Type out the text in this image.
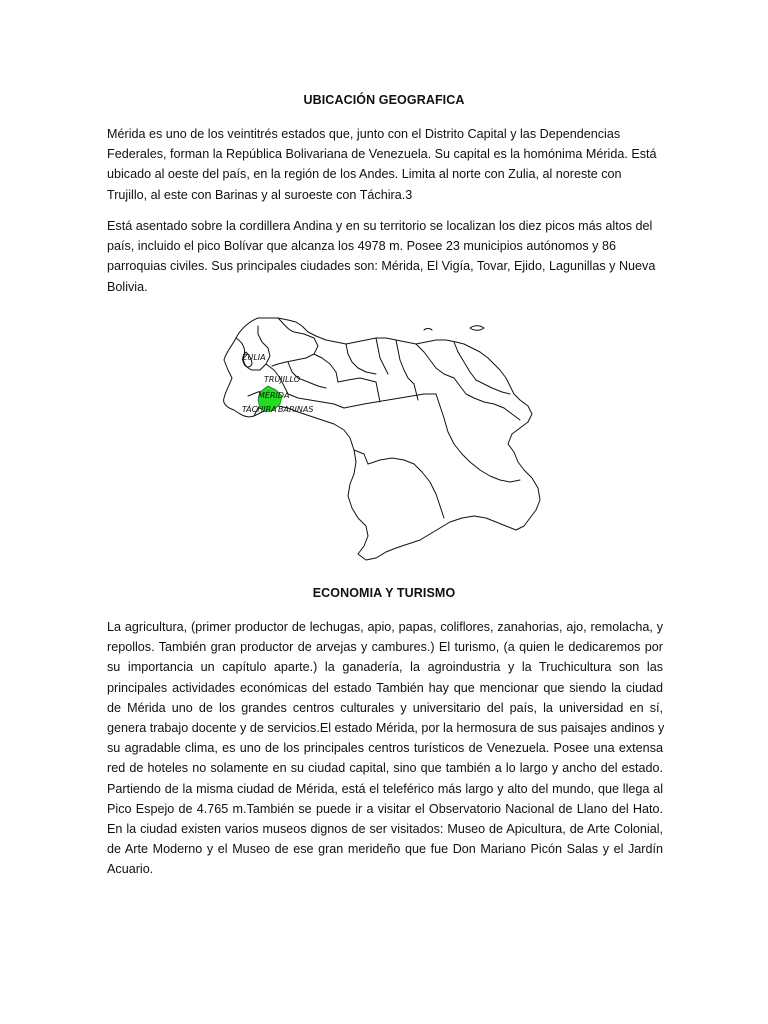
UBICACIÓN GEOGRAFICA
Mérida es uno de los veintitrés estados que, junto con el Distrito Capital y las Dependencias
Federales, forman la República Bolivariana de Venezuela. Su capital es la homónima Mérida. Está
ubicado al oeste del país, en la región de los Andes. Limita al norte con Zulia, al noreste con
Trujillo, al este con Barinas y al suroeste con Táchira.3
Está asentado sobre la cordillera Andina y en su territorio se localizan los diez picos más altos del
país, incluido el pico Bolívar que alcanza los 4978 m. Posee 23 municipios autónomos y 86
parroquias civiles. Sus principales ciudades son: Mérida, El Vigía, Tovar, Ejido, Lagunillas y Nueva
Bolivia.
ZULIA
TRUJILLO
MÉRIDA
TÁCHIRA BARINAS
ECONOMIA Y TURISMO
La agricultura, (primer productor de lechugas, apio, papas, coliflores, zanahorias, ajo, remolacha, y
repollos. También gran productor de arvejas y cambures.) El turismo, (a quien le dedicaremos por
su importancia un capítulo aparte.) la ganadería, la agroindustria y la Truchicultura son las
principales actividades económicas del estado También hay que mencionar que siendo la ciudad
de Mérida uno de los grandes centros culturales y universitario del país, la universidad en sí,
genera trabajo docente y de servicios.El estado Mérida, por la hermosura de sus paisajes andinos y
su agradable clima, es uno de los principales centros turísticos de Venezuela. Posee una extensa
red de hoteles no solamente en su ciudad capital, sino que también a lo largo y ancho del estado.
Partiendo de la misma ciudad de Mérida, está el teleférico más largo y alto del mundo, que llega al
Pico Espejo de 4.765 m.También se puede ir a visitar el Observatorio Nacional de Llano del Hato.
En la ciudad existen varios museos dignos de ser visitados: Museo de Apicultura, de Arte Colonial,
de Arte Moderno y el Museo de ese gran merideño que fue Don Mariano Picón Salas y el Jardín
Acuario.
